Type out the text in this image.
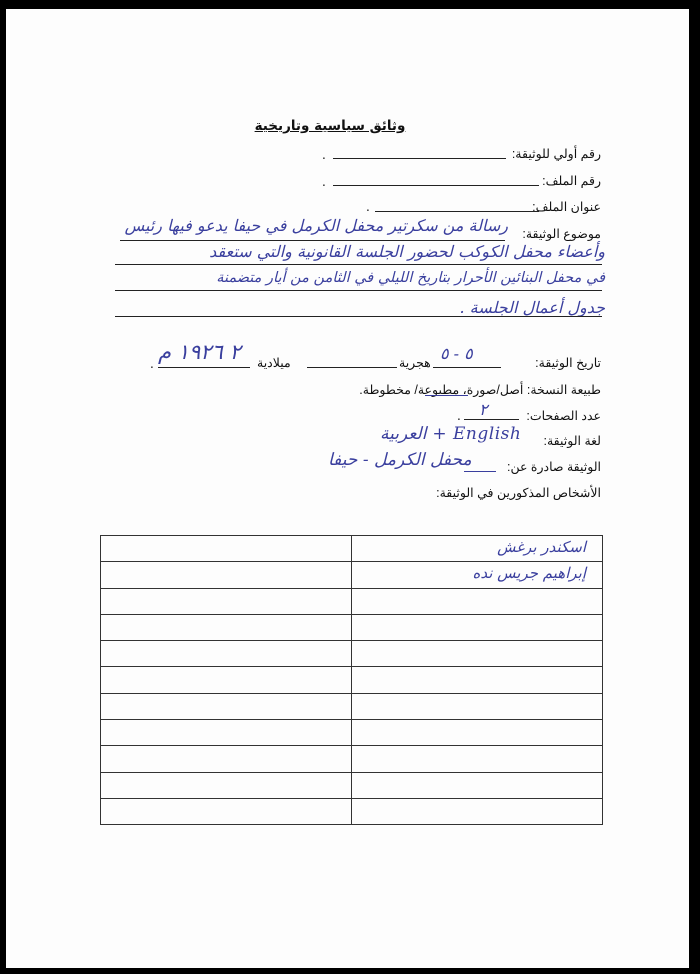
وثائق سياسية وتاريخية
رقم أولي للوثيقة:
.
رقم الملف:
.
عنوان الملف:
.
موضوع الوثيقة:
رسالة من سكرتير محفل الكرمل في حيفا يدعو فيها رئيس
وأعضاء محفل الكوكب لحضور الجلسة القانونية والتي ستعقد
في محفل البنائين الأحرار بتاريخ الليلي في الثامن من أيار متضمنة
جدول أعمال الجلسة .
تاريخ الوثيقة:
٥ - ٥
هجرية
ميلادية
٢ ١٩٢٦ م
.
طبيعة النسخة: أصل/صورة، مطبوعة/ مخطوطة.
عدد الصفحات:
٢
.
لغة الوثيقة:
English + العربية
الوثيقة صادرة عن:
محفل الكرمل - حيفا
الأشخاص المذكورين في الوثيقة:

	اسكندر برغش

	إبراهيم جريس نده
